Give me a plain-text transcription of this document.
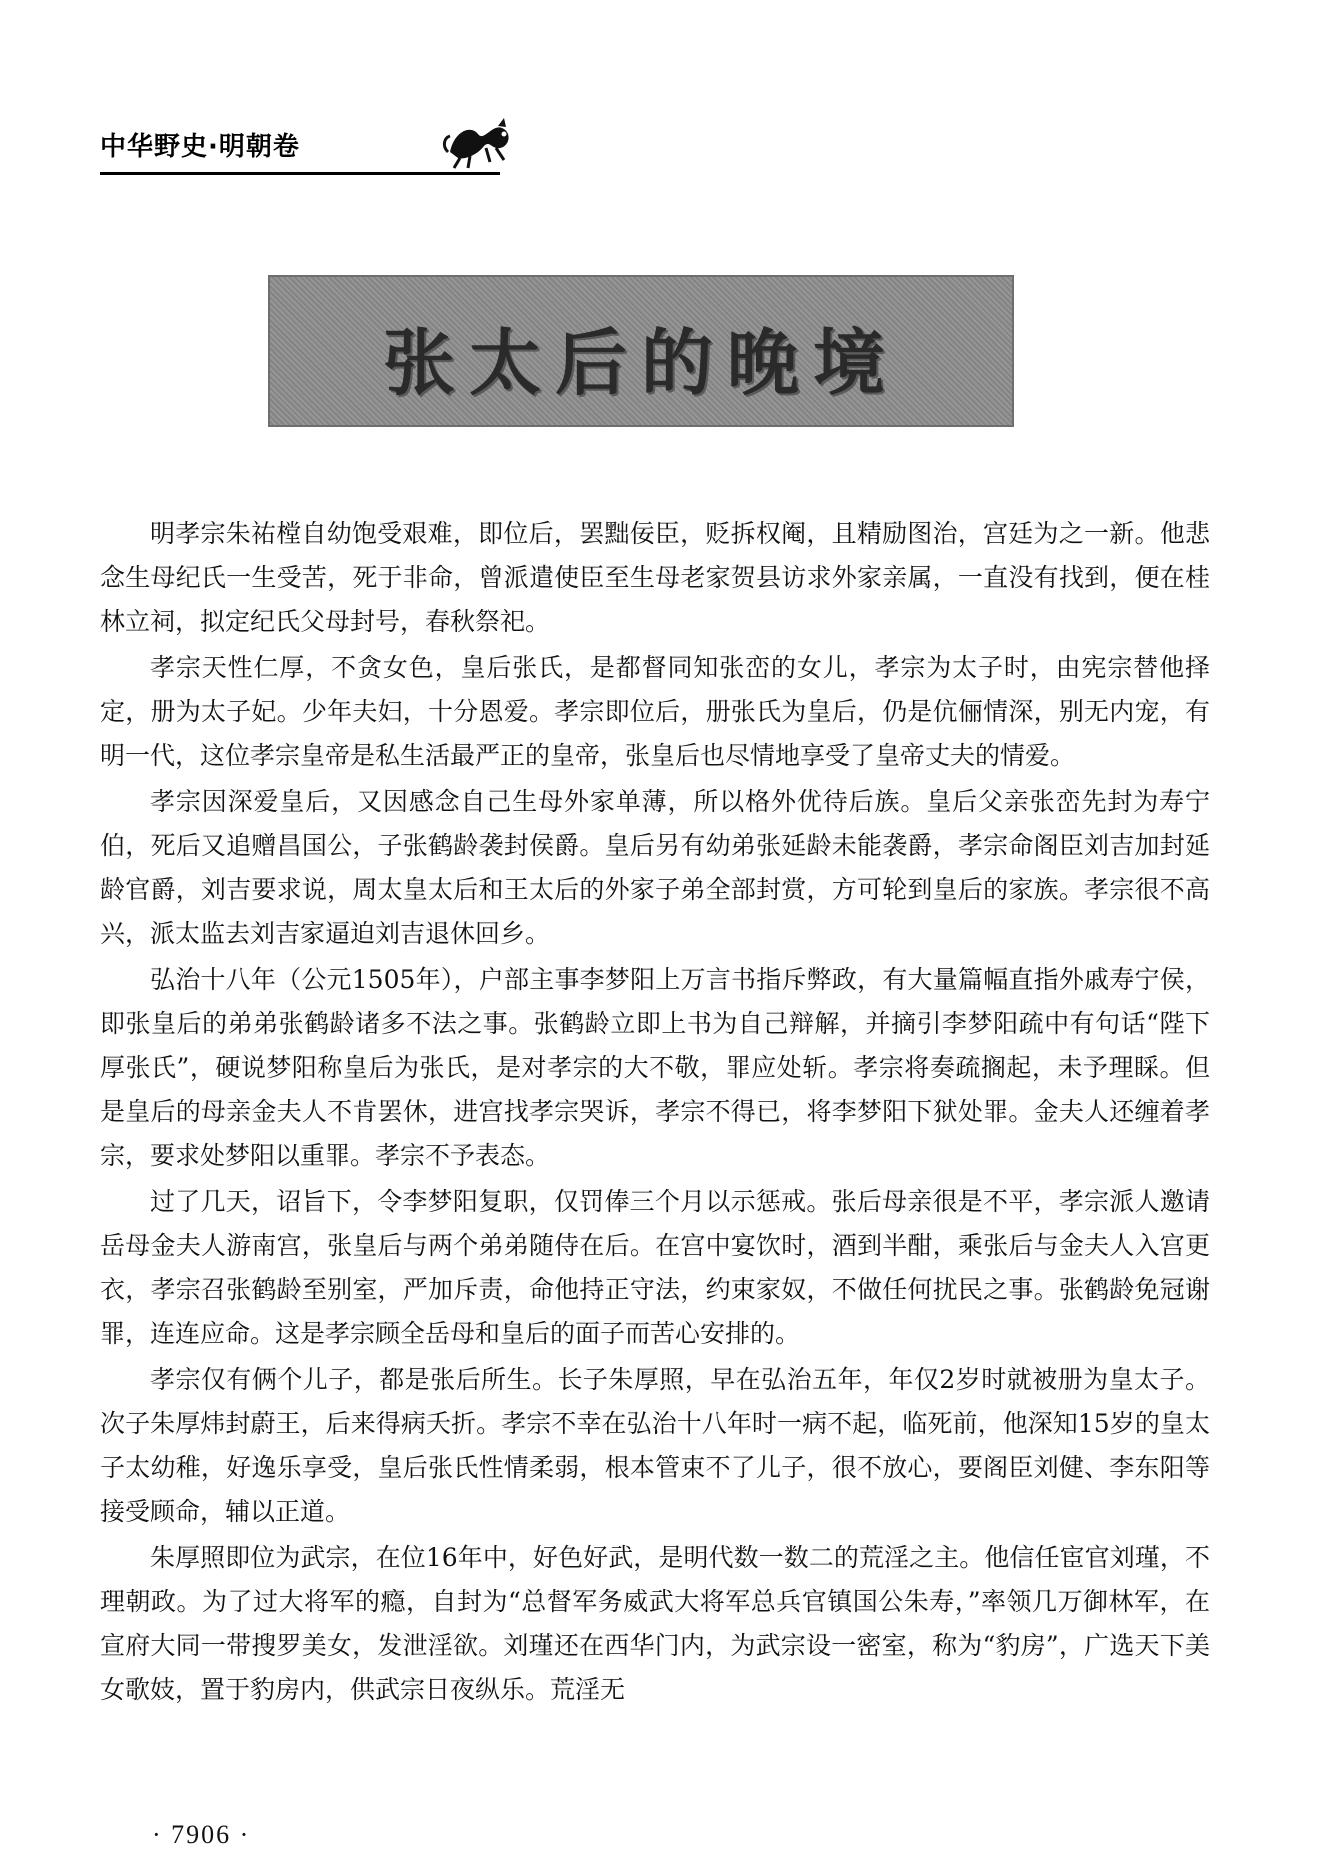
中华野史·明朝卷
张太后的晚境

明孝宗朱祐樘自幼饱受艰难，即位后，罢黜佞臣，贬拆权阉，且精励图治，宫廷为之一新。他悲念生母纪氏一生受苦，死于非命，曾派遣使臣至生母老家贺县访求外家亲属，一直没有找到，便在桂林立祠，拟定纪氏父母封号，春秋祭祀。

孝宗天性仁厚，不贪女色，皇后张氏，是都督同知张峦的女儿，孝宗为太子时，由宪宗替他择定，册为太子妃。少年夫妇，十分恩爱。孝宗即位后，册张氏为皇后，仍是伉俪情深，别无内宠，有明一代，这位孝宗皇帝是私生活最严正的皇帝，张皇后也尽情地享受了皇帝丈夫的情爱。

孝宗因深爱皇后，又因感念自己生母外家单薄，所以格外优待后族。皇后父亲张峦先封为寿宁伯，死后又追赠昌国公，子张鹤龄袭封侯爵。皇后另有幼弟张延龄未能袭爵，孝宗命阁臣刘吉加封延龄官爵，刘吉要求说，周太皇太后和王太后的外家子弟全部封赏，方可轮到皇后的家族。孝宗很不高兴，派太监去刘吉家逼迫刘吉退休回乡。

弘治十八年（公元1505年），户部主事李梦阳上万言书指斥弊政，有大量篇幅直指外戚寿宁侯，即张皇后的弟弟张鹤龄诸多不法之事。张鹤龄立即上书为自己辩解，并摘引李梦阳疏中有句话“陛下厚张氏”，硬说梦阳称皇后为张氏，是对孝宗的大不敬，罪应处斩。孝宗将奏疏搁起，未予理睬。但是皇后的母亲金夫人不肯罢休，进宫找孝宗哭诉，孝宗不得已，将李梦阳下狱处罪。金夫人还缠着孝宗，要求处梦阳以重罪。孝宗不予表态。

过了几天，诏旨下，令李梦阳复职，仅罚俸三个月以示惩戒。张后母亲很是不平，孝宗派人邀请岳母金夫人游南宫，张皇后与两个弟弟随侍在后。在宫中宴饮时，酒到半酣，乘张后与金夫人入宫更衣，孝宗召张鹤龄至别室，严加斥责，命他持正守法，约束家奴，不做任何扰民之事。张鹤龄免冠谢罪，连连应命。这是孝宗顾全岳母和皇后的面子而苦心安排的。

孝宗仅有俩个儿子，都是张后所生。长子朱厚照，早在弘治五年，年仅2岁时就被册为皇太子。次子朱厚炜封蔚王，后来得病夭折。孝宗不幸在弘治十八年时一病不起，临死前，他深知15岁的皇太子太幼稚，好逸乐享受，皇后张氏性情柔弱，根本管束不了儿子，很不放心，要阁臣刘健、李东阳等接受顾命，辅以正道。

朱厚照即位为武宗，在位16年中，好色好武，是明代数一数二的荒淫之主。他信任宦官刘瑾，不理朝政。为了过大将军的瘾，自封为“总督军务威武大将军总兵官镇国公朱寿，”率领几万御林军，在宣府大同一带搜罗美女，发泄淫欲。刘瑾还在西华门内，为武宗设一密室，称为“豹房”，广选天下美女歌妓，置于豹房内，供武宗日夜纵乐。荒淫无

· 7906 ·
